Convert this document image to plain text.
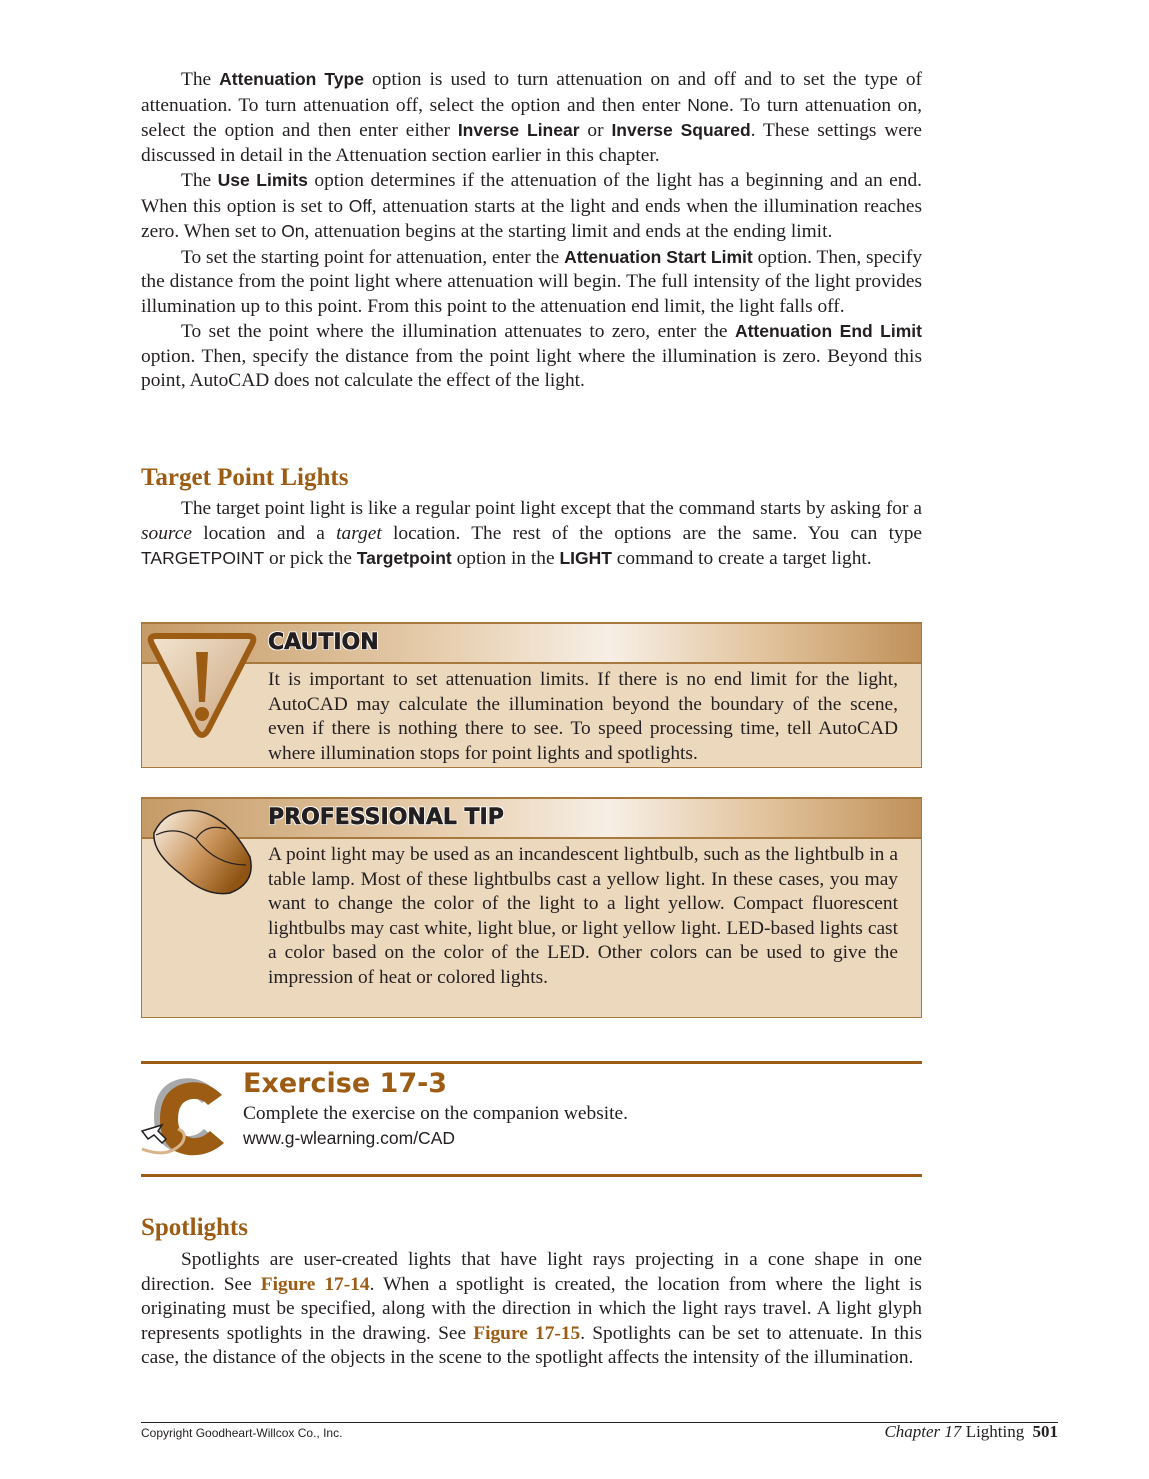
The Attenuation Type option is used to turn attenuation on and off and to set the type of attenuation. To turn attenuation off, select the option and then enter None. To turn attenuation on, select the option and then enter either Inverse Linear or Inverse Squared. These settings were discussed in detail in the Attenuation section earlier in this chapter.

The Use Limits option determines if the attenuation of the light has a beginning and an end. When this option is set to Off, attenuation starts at the light and ends when the illumination reaches zero. When set to On, attenuation begins at the starting limit and ends at the ending limit.

To set the starting point for attenuation, enter the Attenuation Start Limit option. Then, specify the distance from the point light where attenuation will begin. The full intensity of the light provides illumination up to this point. From this point to the attenuation end limit, the light falls off.

To set the point where the illumination attenuates to zero, enter the Attenuation End Limit option. Then, specify the distance from the point light where the illumination is zero. Beyond this point, AutoCAD does not calculate the effect of the light.

Target Point Lights

The target point light is like a regular point light except that the command starts by asking for a source location and a target location. The rest of the options are the same. You can type TARGETPOINT or pick the Targetpoint option in the LIGHT command to create a target light.

CAUTION

It is important to set attenuation limits. If there is no end limit for the light, AutoCAD may calculate the illumination beyond the boundary of the scene, even if there is nothing there to see. To speed processing time, tell AutoCAD where illumination stops for point lights and spotlights.

PROFESSIONAL TIP

A point light may be used as an incandescent lightbulb, such as the lightbulb in a table lamp. Most of these lightbulbs cast a yellow light. In these cases, you may want to change the color of the light to a light yellow. Compact fluorescent lightbulbs may cast white, light blue, or light yellow light. LED-based lights cast a color based on the color of the LED. Other colors can be used to give the impression of heat or colored lights.

Exercise 17-3
Complete the exercise on the companion website.
www.g-wlearning.com/CAD
Spotlights

Spotlights are user-created lights that have light rays projecting in a cone shape in one direction. See Figure 17-14. When a spotlight is created, the location from where the light is originating must be specified, along with the direction in which the light rays travel. A light glyph represents spotlights in the drawing. See Figure 17-15. Spotlights can be set to attenuate. In this case, the distance of the objects in the scene to the spotlight affects the intensity of the illumination.

Copyright Goodheart-Willcox Co., Inc.	Chapter 17 Lighting 501
